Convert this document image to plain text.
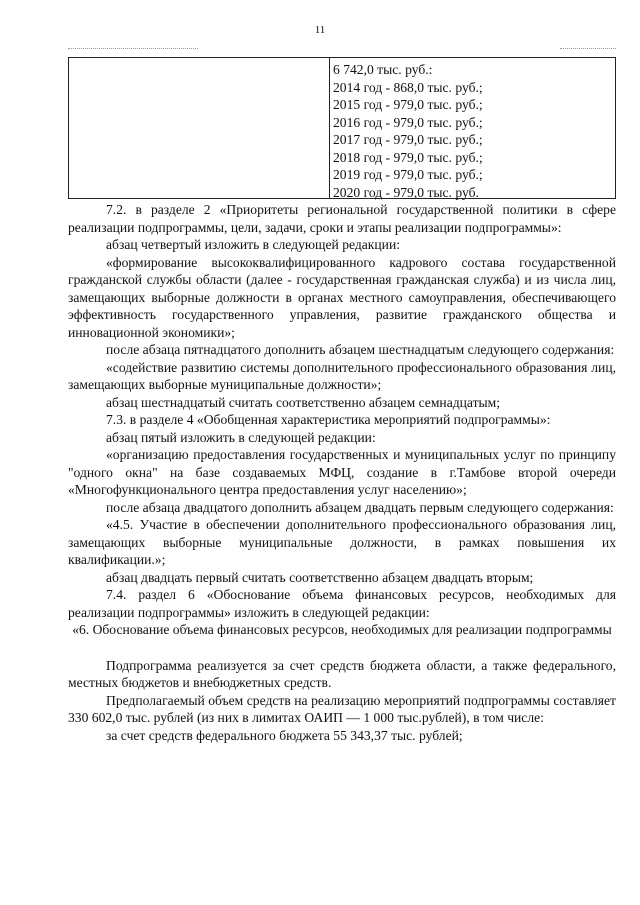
11
6 742,0 тыс. руб.:
2014 год - 868,0 тыс. руб.;
2015 год - 979,0 тыс. руб.;
2016 год - 979,0 тыс. руб.;
2017 год - 979,0 тыс. руб.;
2018 год - 979,0 тыс. руб.;
2019 год - 979,0 тыс. руб.;
2020 год - 979,0 тыс. руб.

7.2. в разделе 2 «Приоритеты региональной государственной политики в сфере реализации подпрограммы, цели, задачи, сроки и этапы реализации подпрограммы»:

абзац четвертый изложить в следующей редакции:

«формирование высококвалифицированного кадрового состава государственной гражданской службы области (далее - государственная гражданская служба) и из числа лиц, замещающих выборные должности в органах местного самоуправления, обеспечивающего эффективность государственного управления, развитие гражданского общества и инновационной экономики»;

после абзаца пятнадцатого дополнить абзацем шестнадцатым следующего содержания:

«содействие развитию системы дополнительного профессионального образования лиц, замещающих выборные муниципальные должности»;

абзац шестнадцатый считать соответственно абзацем семнадцатым;

7.3. в разделе 4 «Обобщенная характеристика мероприятий подпрограммы»:

абзац пятый изложить в следующей редакции:

«организацию предоставления государственных и муниципальных услуг по принципу "одного окна" на базе создаваемых МФЦ, создание в г.Тамбове второй очереди «Многофункционального центра предоставления услуг населению»;

после абзаца двадцатого дополнить абзацем двадцать первым следующего содержания:

«4.5. Участие в обеспечении дополнительного профессионального образования лиц, замещающих выборные муниципальные должности, в рамках повышения их квалификации.»;

абзац двадцать первый считать соответственно абзацем двадцать вторым;

7.4. раздел 6 «Обоснование объема финансовых ресурсов, необходимых для реализации подпрограммы» изложить в следующей редакции:

«6. Обоснование объема финансовых ресурсов, необходимых для реализации подпрограммы

Подпрограмма реализуется за счет средств бюджета области, а также федерального, местных бюджетов и внебюджетных средств.

Предполагаемый объем средств на реализацию мероприятий подпрограммы составляет 330 602,0 тыс. рублей (из них в лимитах ОАИП — 1 000 тыс.рублей), в том числе:

за счет средств федерального бюджета 55 343,37 тыс. рублей;
